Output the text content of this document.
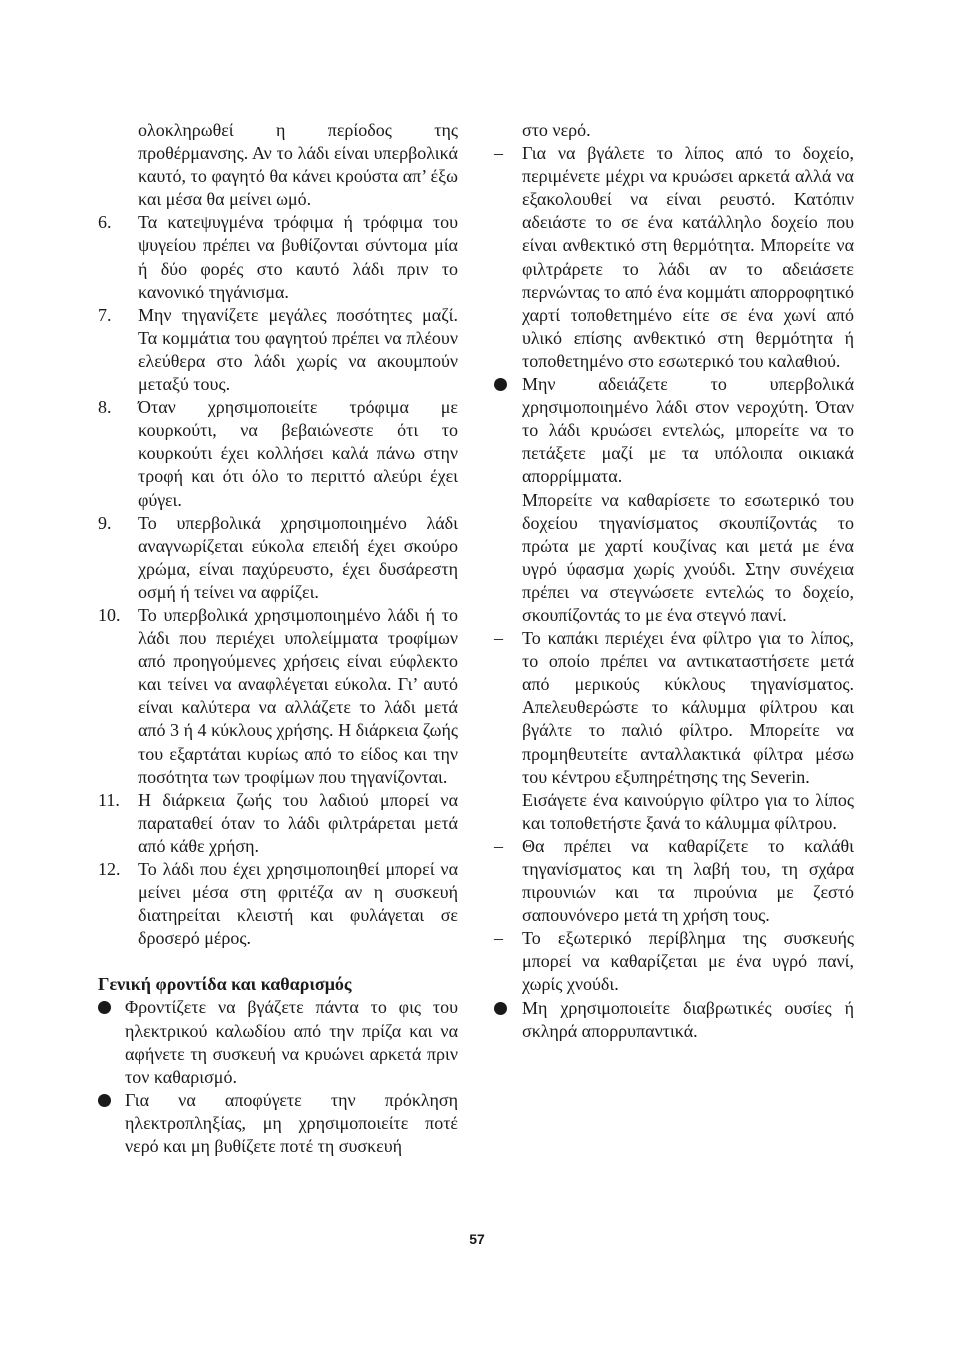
ολοκληρωθεί η περίοδος της προθέρμανσης. Αν το λάδι είναι υπερβολικά καυτό, το φαγητό θα κάνει κρούστα απ’ έξω και μέσα θα μείνει ωμό.
6. Τα κατεψυγμένα τρόφιμα ή τρόφιμα του ψυγείου πρέπει να βυθίζονται σύντομα μία ή δύο φορές στο καυτό λάδι πριν το κανονικό τηγάνισμα.
7. Μην τηγανίζετε μεγάλες ποσότητες μαζί. Τα κομμάτια του φαγητού πρέπει να πλέουν ελεύθερα στο λάδι χωρίς να ακουμπούν μεταξύ τους.
8. Όταν χρησιμοποιείτε τρόφιμα με κουρκούτι, να βεβαιώνεστε ότι το κουρκούτι έχει κολλήσει καλά πάνω στην τροφή και ότι όλο το περιττό αλεύρι έχει φύγει.
9. Το υπερβολικά χρησιμοποιημένο λάδι αναγνωρίζεται εύκολα επειδή έχει σκούρο χρώμα, είναι παχύρευστο, έχει δυσάρεστη οσμή ή τείνει να αφρίζει.
10. Το υπερβολικά χρησιμοποιημένο λάδι ή το λάδι που περιέχει υπολείμματα τροφίμων από προηγούμενες χρήσεις είναι εύφλεκτο και τείνει να αναφλέγεται εύκολα. Γι’ αυτό είναι καλύτερα να αλλάζετε το λάδι μετά από 3 ή 4 κύκλους χρήσης. Η διάρκεια ζωής του εξαρτάται κυρίως από το είδος και την ποσότητα των τροφίμων που τηγανίζονται.
11. Η διάρκεια ζωής του λαδιού μπορεί να παραταθεί όταν το λάδι φιλτράρεται μετά από κάθε χρήση.
12. Το λάδι που έχει χρησιμοποιηθεί μπορεί να μείνει μέσα στη φριτέζα αν η συσκευή διατηρείται κλειστή και φυλάγεται σε δροσερό μέρος.
Γενική φροντίδα και καθαρισμός
Φροντίζετε να βγάζετε πάντα το φις του ηλεκτρικού καλωδίου από την πρίζα και να αφήνετε τη συσκευή να κρυώνει αρκετά πριν τον καθαρισμό.
Για να αποφύγετε την πρόκληση ηλεκτροπληξίας, μη χρησιμοποιείτε ποτέ νερό και μη βυθίζετε ποτέ τη συσκευή
στο νερό.
– Για να βγάλετε το λίπος από το δοχείο, περιμένετε μέχρι να κρυώσει αρκετά αλλά να εξακολουθεί να είναι ρευστό. Κατόπιν αδειάστε το σε ένα κατάλληλο δοχείο που είναι ανθεκτικό στη θερμότητα. Μπορείτε να φιλτράρετε το λάδι αν το αδειάσετε περνώντας το από ένα κομμάτι απορροφητικό χαρτί τοποθετημένο είτε σε ένα χωνί από υλικό επίσης ανθεκτικό στη θερμότητα ή τοποθετημένο στο εσωτερικό του καλαθιού.
Μην αδειάζετε το υπερβολικά χρησιμοποιημένο λάδι στον νεροχύτη. Όταν το λάδι κρυώσει εντελώς, μπορείτε να το πετάξετε μαζί με τα υπόλοιπα οικιακά απορρίμματα.
Μπορείτε να καθαρίσετε το εσωτερικό του δοχείου τηγανίσματος σκουπίζοντάς το πρώτα με χαρτί κουζίνας και μετά με ένα υγρό ύφασμα χωρίς χνούδι. Στην συνέχεια πρέπει να στεγνώσετε εντελώς το δοχείο, σκουπίζοντάς το με ένα στεγνό πανί.
– Το καπάκι περιέχει ένα φίλτρο για το λίπος, το οποίο πρέπει να αντικαταστήσετε μετά από μερικούς κύκλους τηγανίσματος. Απελευθερώστε το κάλυμμα φίλτρου και βγάλτε το παλιό φίλτρο. Μπορείτε να προμηθευτείτε ανταλλακτικά φίλτρα μέσω του κέντρου εξυπηρέτησης της Severin.
Εισάγετε ένα καινούργιο φίλτρο για το λίπος και τοποθετήστε ξανά το κάλυμμα φίλτρου.
– Θα πρέπει να καθαρίζετε το καλάθι τηγανίσματος και τη λαβή του, τη σχάρα πιρουνιών και τα πιρούνια με ζεστό σαπουνόνερο μετά τη χρήση τους.
– Το εξωτερικό περίβλημα της συσκευής μπορεί να καθαρίζεται με ένα υγρό πανί, χωρίς χνούδι.
Μη χρησιμοποιείτε διαβρωτικές ουσίες ή σκληρά απορρυπαντικά.
57
